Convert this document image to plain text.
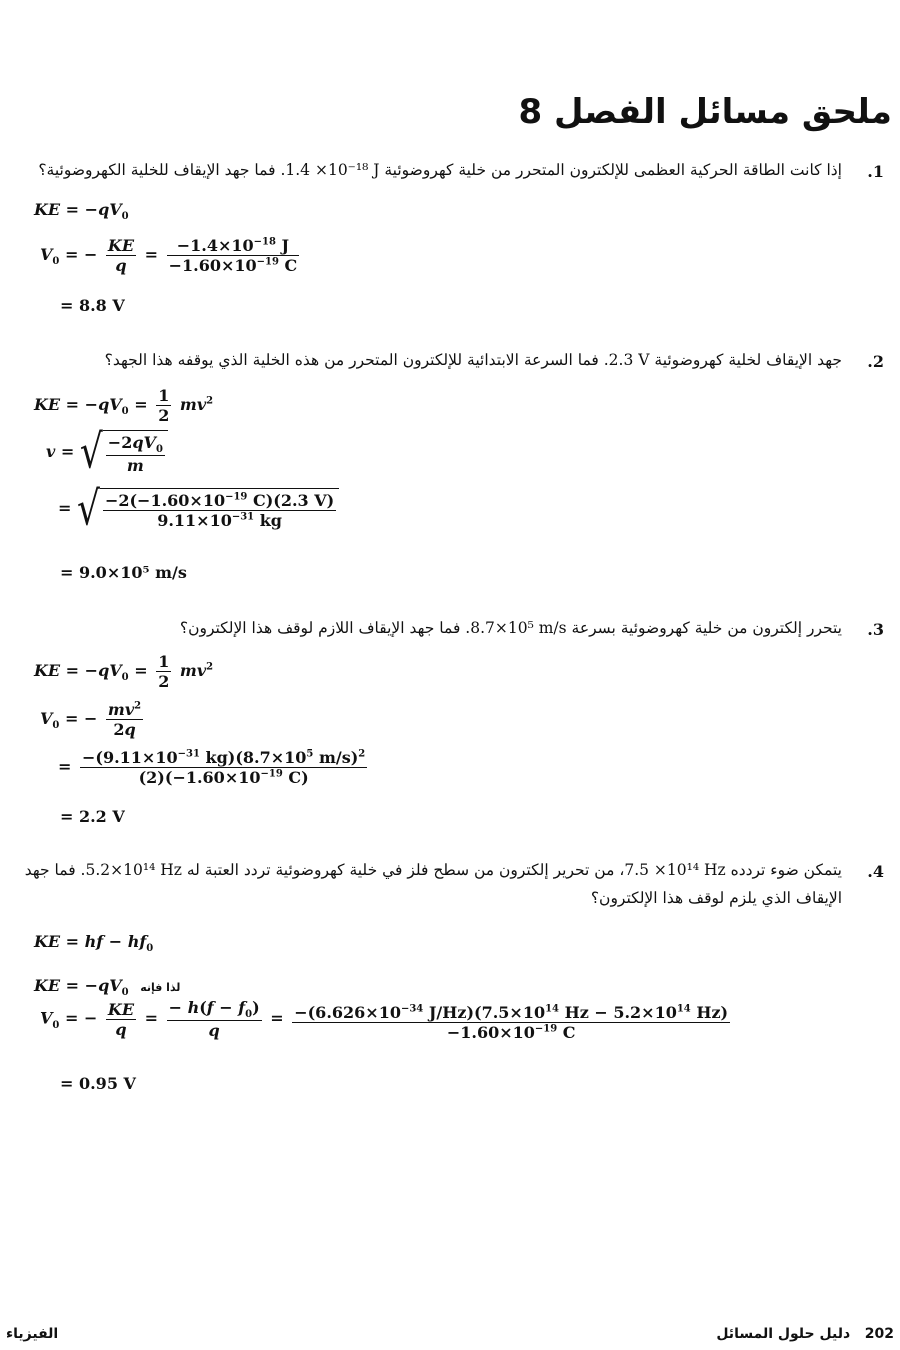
ملحق مسائل الفصل 8
.1
إذا كانت الطاقة الحركية العظمى للإلكترون المتحرر من خلية كهروضوئية ‎1.4 ×10⁻¹⁸ J‏. فما جهد الإيقاف للخلية الكهروضوئية؟
KE = $-qV_0$
$V_0$ = − $\frac{KE}{q} = \frac{-1.4\times 10^{-18} J}{-1.60\times 10^{-19} C}$
= 8.8 V
.2
جهد الإيقاف لخلية كهروضوئية ‎2.3 V‏. فما السرعة الابتدائية للإلكترون المتحرر من هذه الخلية الذي يوقفه هذا الجهد؟
KE = $-qV_0 = \frac{1}{2} mv^2$
v = √ $\frac{-2qV_0}{m}$
= √ $\frac{-2(-1.60\times 10^{-19} C)(2.3 V)}{9.11\times 10^{-31} kg}$
= 9.0×10⁵ m/s
.3
يتحرر إلكترون من خلية كهروضوئية بسرعة ‎8.7×10⁵ m/s‏. فما جهد الإيقاف اللازم لوقف هذا الإلكترون؟
KE = $-qV_0 = \frac{1}{2} mv^2$
$V_0$ = − $\frac{mv^2}{2q}$
= $\frac{-(9.11\times 10^{-31} kg)(8.7\times 10^5 m/s)^2}{(2)(-1.60\times 10^{-19} C)}$
= 2.2 V
.4
يتمكن ضوء تردده ‎7.5 ×10¹⁴ Hz‏، من تحرير إلكترون من سطح فلز في خلية كهروضوئية تردد العتبة له ‎5.2×10¹⁴ Hz‏. فما جهد الإيقاف الذي يلزم لوقف هذا الإلكترون؟
KE = hf − $hf_0$
KE = $-qV_0$ لذا فإنه
$V_0$ = − $\frac{KE}{q} = \frac{- h(f - f_0)}{q} = \frac{-(6.626\times 10^{-34} J/Hz)(7.5\times 10^{14} Hz - 5.2\times 10^{14} Hz)}{-1.60\times 10^{-19} C}$
= 0.95 V
202   دليل حلول المسائل
الفيزياء
